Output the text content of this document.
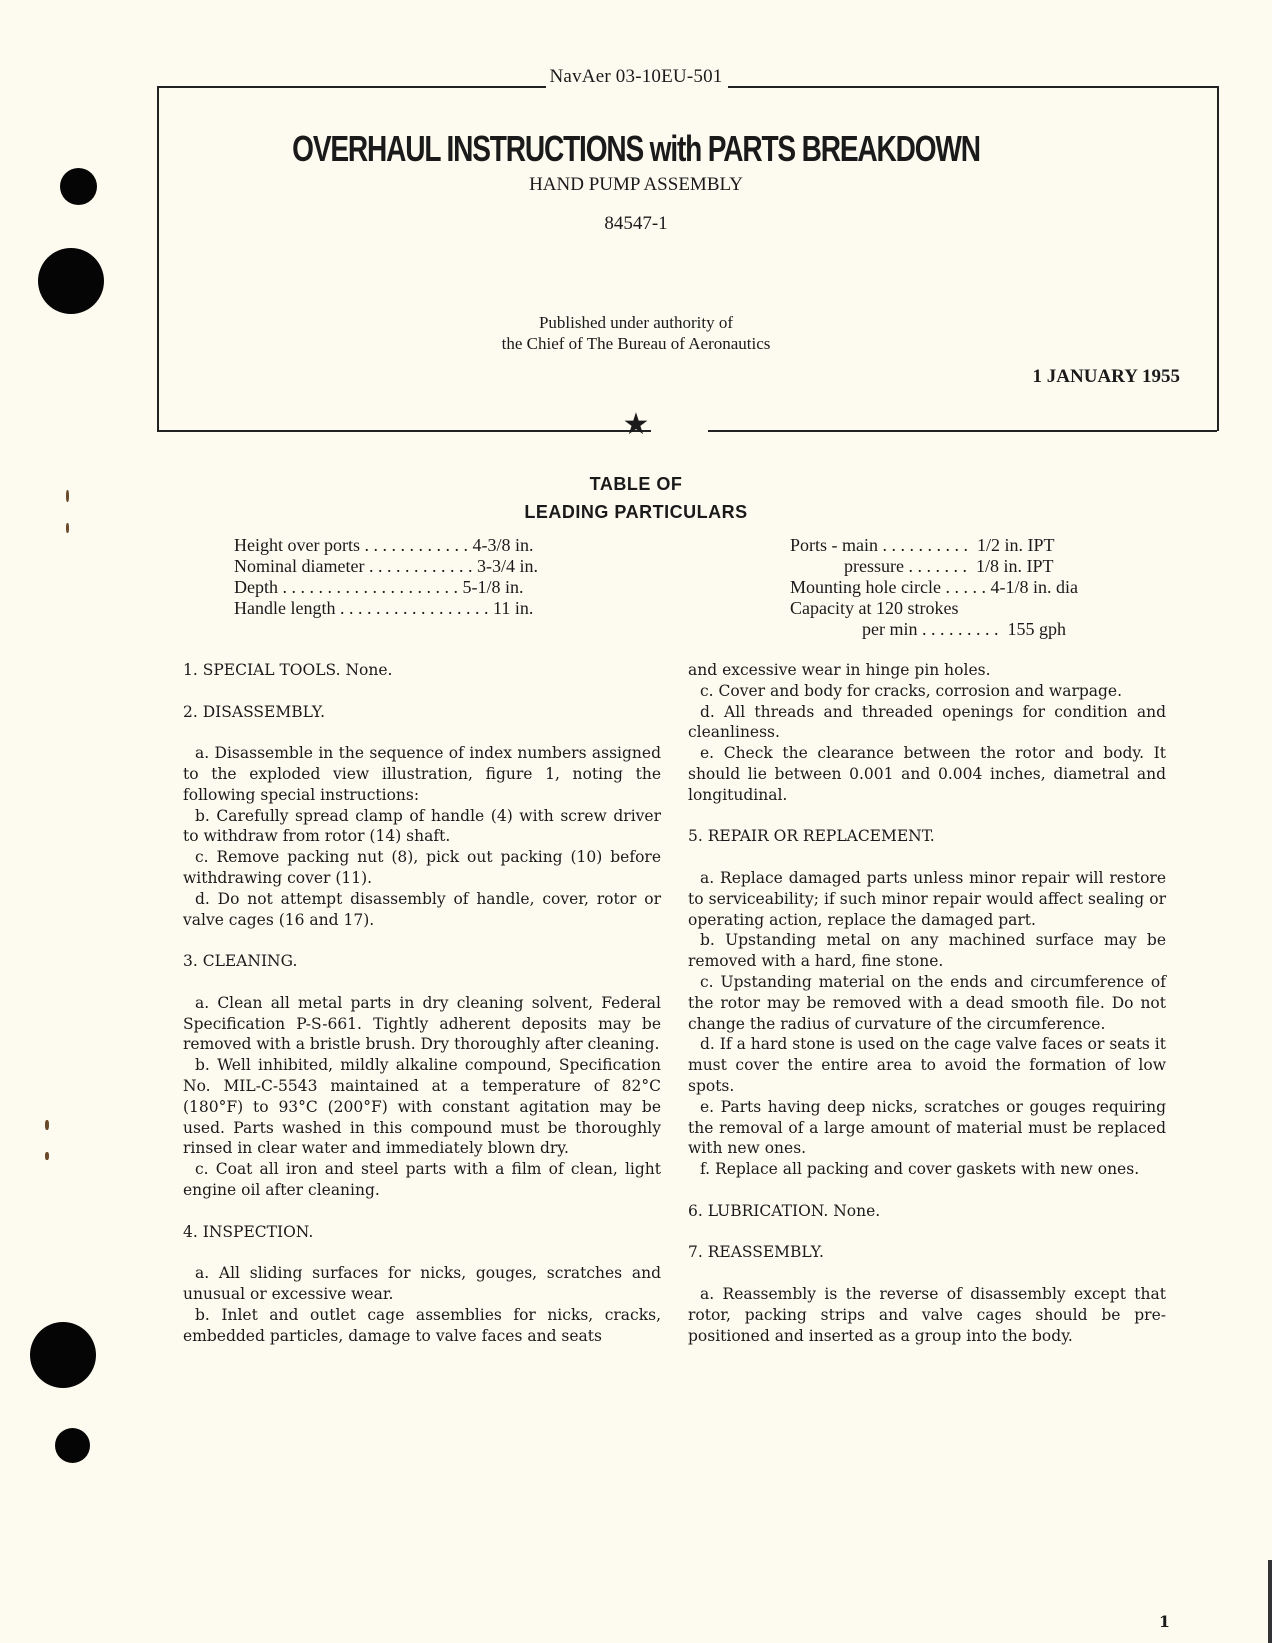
★
NavAer 03-10EU-501
OVERHAUL INSTRUCTIONS with PARTS BREAKDOWN
HAND PUMP ASSEMBLY
84547-1
Published under authority of
the Chief of The Bureau of Aeronautics
1 JANUARY 1955
TABLE OF
LEADING PARTICULARS
Height over ports . . . . . . . . . . . . 4-3/8 in.
Nominal diameter . . . . . . . . . . . . 3-3/4 in.
Depth . . . . . . . . . . . . . . . . . . . . 5-1/8 in.
Handle length . . . . . . . . . . . . . . . . . 11 in.
Ports - main . . . . . . . . . . 1/2 in. IPT
pressure . . . . . . . 1/8 in. IPT
Mounting hole circle . . . . . 4-1/8 in. dia
Capacity at 120 strokes
per min . . . . . . . . . 155 gph

1. SPECIAL TOOLS. None.

2. DISASSEMBLY.

a. Disassemble in the sequence of index numbers assigned to the exploded view illustration, figure 1, noting the following special instructions:

b. Carefully spread clamp of handle (4) with screw driver to withdraw from rotor (14) shaft.

c. Remove packing nut (8), pick out packing (10) before withdrawing cover (11).

d. Do not attempt disassembly of handle, cover, rotor or valve cages (16 and 17).

3. CLEANING.

a. Clean all metal parts in dry cleaning solvent, Federal Specification P-S-661. Tightly adherent deposits may be removed with a bristle brush. Dry thoroughly after cleaning.

b. Well inhibited, mildly alkaline compound, Specification No. MIL-C-5543 maintained at a temperature of 82°C (180°F) to 93°C (200°F) with constant agitation may be used. Parts washed in this compound must be thoroughly rinsed in clear water and immediately blown dry.

c. Coat all iron and steel parts with a film of clean, light engine oil after cleaning.

4. INSPECTION.

a. All sliding surfaces for nicks, gouges, scratches and unusual or excessive wear.

b. Inlet and outlet cage assemblies for nicks, cracks, embedded particles, damage to valve faces and seats

and excessive wear in hinge pin holes.

c. Cover and body for cracks, corrosion and warpage.

d. All threads and threaded openings for condition and cleanliness.

e. Check the clearance between the rotor and body. It should lie between 0.001 and 0.004 inches, diametral and longitudinal.

5. REPAIR OR REPLACEMENT.

a. Replace damaged parts unless minor repair will restore to serviceability; if such minor repair would affect sealing or operating action, replace the damaged part.

b. Upstanding metal on any machined surface may be removed with a hard, fine stone.

c. Upstanding material on the ends and circumference of the rotor may be removed with a dead smooth file. Do not change the radius of curvature of the circumference.

d. If a hard stone is used on the cage valve faces or seats it must cover the entire area to avoid the formation of low spots.

e. Parts having deep nicks, scratches or gouges requiring the removal of a large amount of material must be replaced with new ones.

f. Replace all packing and cover gaskets with new ones.

6. LUBRICATION. None.

7. REASSEMBLY.

a. Reassembly is the reverse of disassembly except that rotor, packing strips and valve cages should be pre-positioned and inserted as a group into the body.

1
